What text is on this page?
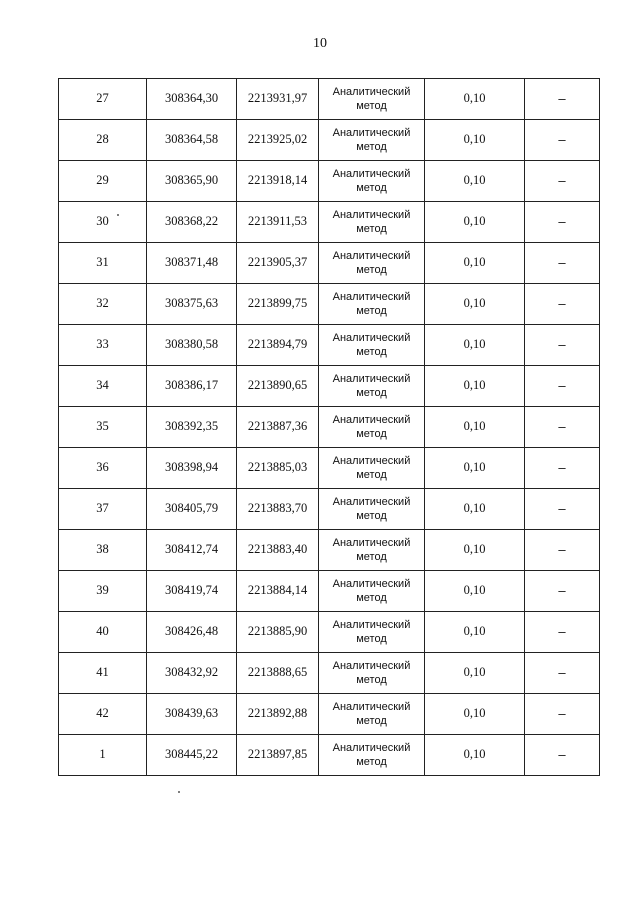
10
27	308364,30	2213931,97	Аналитический
метод	0,10	–
28	308364,58	2213925,02	Аналитический
метод	0,10	–
29	308365,90	2213918,14	Аналитический
метод	0,10	–
30	308368,22	2213911,53	Аналитический
метод	0,10	–
31	308371,48	2213905,37	Аналитический
метод	0,10	–
32	308375,63	2213899,75	Аналитический
метод	0,10	–
33	308380,58	2213894,79	Аналитический
метод	0,10	–
34	308386,17	2213890,65	Аналитический
метод	0,10	–
35	308392,35	2213887,36	Аналитический
метод	0,10	–
36	308398,94	2213885,03	Аналитический
метод	0,10	–
37	308405,79	2213883,70	Аналитический
метод	0,10	–
38	308412,74	2213883,40	Аналитический
метод	0,10	–
39	308419,74	2213884,14	Аналитический
метод	0,10	–
40	308426,48	2213885,90	Аналитический
метод	0,10	–
41	308432,92	2213888,65	Аналитический
метод	0,10	–
42	308439,63	2213892,88	Аналитический
метод	0,10	–
1	308445,22	2213897,85	Аналитический
метод	0,10	–
